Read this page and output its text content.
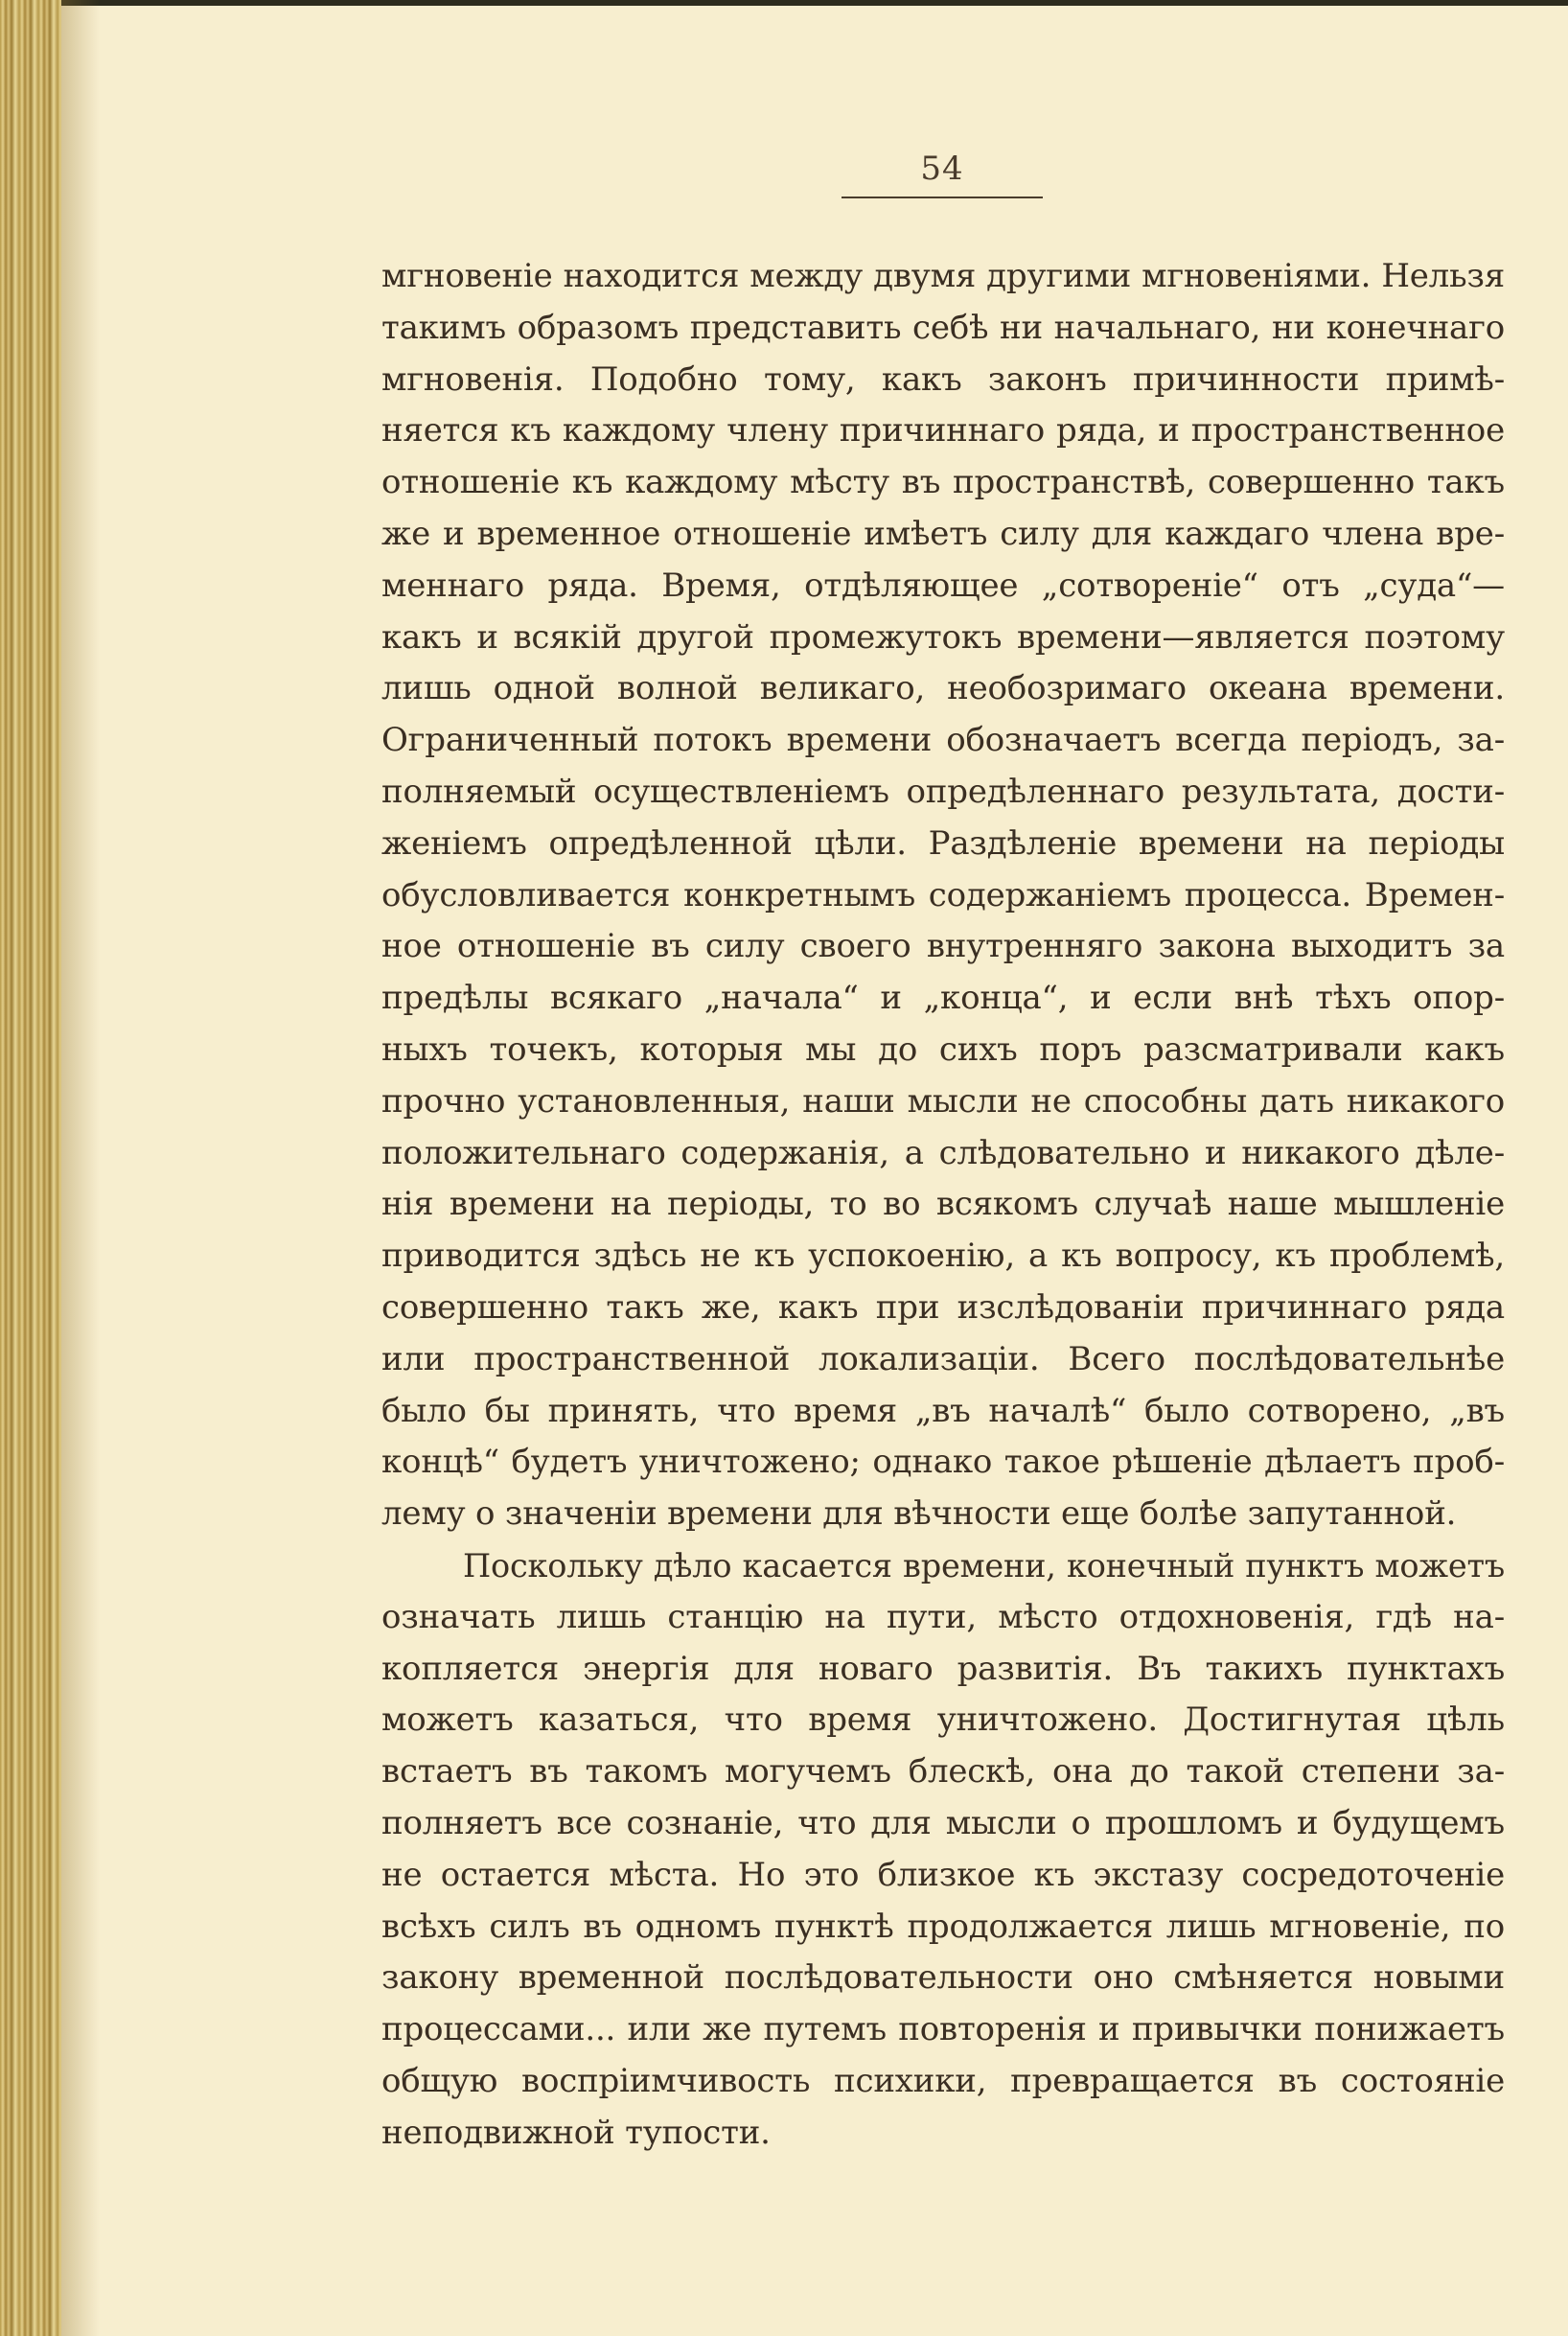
54
мгновеніе находится между двумя другими мгновеніями. Нельзя
такимъ образомъ представить себѣ ни начальнаго, ни конечнаго
мгновенія. Подобно тому, какъ законъ причинности примѣ-
няется къ каждому члену причиннаго ряда, и пространственное
отношеніе къ каждому мѣсту въ пространствѣ, совершенно такъ
же и временное отношеніе имѣетъ силу для каждаго члена вре-
меннаго ряда. Время, отдѣляющее „сотвореніе“ отъ „суда“—
какъ и всякій другой промежутокъ времени—является поэтому
лишь одной волной великаго, необозримаго океана времени.
Ограниченный потокъ времени обозначаетъ всегда періодъ, за-
полняемый осуществленіемъ опредѣленнаго результата, дости-
женіемъ опредѣленной цѣли. Раздѣленіе времени на періоды
обусловливается конкретнымъ содержаніемъ процесса. Времен-
ное отношеніе въ силу своего внутренняго закона выходитъ за
предѣлы всякаго „начала“ и „конца“, и если внѣ тѣхъ опор-
ныхъ точекъ, которыя мы до сихъ поръ разсматривали какъ
прочно установленныя, наши мысли не способны дать никакого
положительнаго содержанія, а слѣдовательно и никакого дѣле-
нія времени на періоды, то во всякомъ случаѣ наше мышленіе
приводится здѣсь не къ успокоенію, а къ вопросу, къ проблемѣ,
совершенно такъ же, какъ при изслѣдованіи причиннаго ряда
или пространственной локализаціи. Всего послѣдовательнѣе
было бы принять, что время „въ началѣ“ было сотворено, „въ
концѣ“ будетъ уничтожено; однако такое рѣшеніе дѣлаетъ проб-
лему о значеніи времени для вѣчности еще болѣе запутанной.
Поскольку дѣло касается времени, конечный пунктъ можетъ
означать лишь станцію на пути, мѣсто отдохновенія, гдѣ на-
копляется энергія для новаго развитія. Въ такихъ пунктахъ
можетъ казаться, что время уничтожено. Достигнутая цѣль
встаетъ въ такомъ могучемъ блескѣ, она до такой степени за-
полняетъ все сознаніе, что для мысли о прошломъ и будущемъ
не остается мѣста. Но это близкое къ экстазу сосредоточеніе
всѣхъ силъ въ одномъ пунктѣ продолжается лишь мгновеніе, по
закону временной послѣдовательности оно смѣняется новыми
процессами... или же путемъ повторенія и привычки понижаетъ
общую воспріимчивость психики, превращается въ состояніе
неподвижной тупости.
